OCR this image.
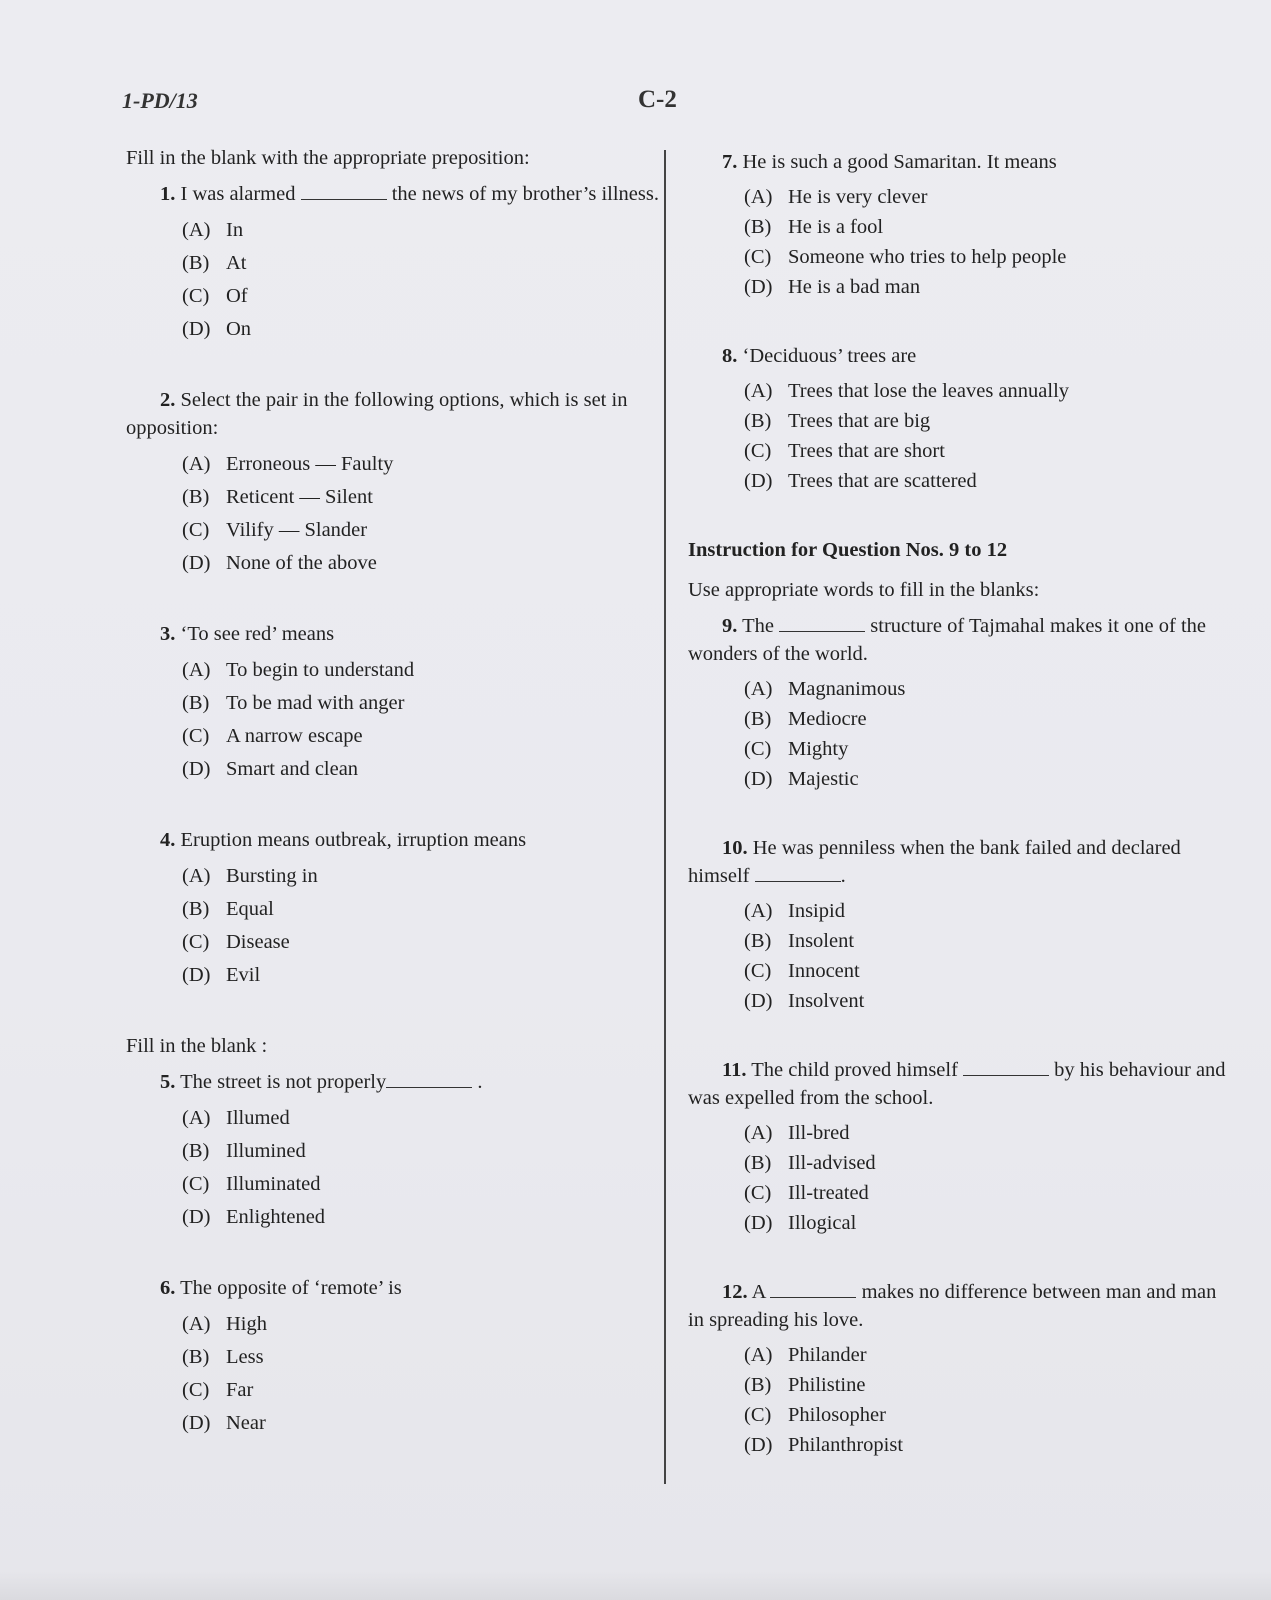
1-PD/13	C-2

Fill in the blank with the appropriate preposition:

1. I was alarmed	the news of my brother’s illness.

(A) In
(B) At
(C) Of
(D) On

2. Select the pair in the following options, which is set in opposition:

(A) Erroneous — Faulty
(B) Reticent — Silent
(C) Vilify — Slander
(D) None of the above

3. ‘To see red’ means

(A) To begin to understand
(B) To be mad with anger
(C) A narrow escape
(D) Smart and clean

4. Eruption means outbreak, irruption means

(A) Bursting in
(B) Equal
(C) Disease
(D) Evil

Fill in the blank :

5. The street is not properly	.

(A) Illumed
(B) Illumined
(C) Illuminated
(D) Enlightened

6. The opposite of ‘remote’ is

(A) High
(B) Less
(C) Far
(D) Near

7. He is such a good Samaritan. It means

(A) He is very clever
(B) He is a fool
(C) Someone who tries to help people
(D) He is a bad man

8. ‘Deciduous’ trees are

(A) Trees that lose the leaves annually
(B) Trees that are big
(C) Trees that are short
(D) Trees that are scattered

Instruction for Question Nos. 9 to 12

Use appropriate words to fill in the blanks:

9. The	structure of Tajmahal makes it one of the wonders of the world.

(A) Magnanimous
(B) Mediocre
(C) Mighty
(D) Majestic

10. He was penniless when the bank failed and declared himself	.

(A) Insipid
(B) Insolent
(C) Innocent
(D) Insolvent

11. The child proved himself	by his behaviour and was expelled from the school.

(A) Ill-bred
(B) Ill-advised
(C) Ill-treated
(D) Illogical

12. A	makes no difference between man and man in spreading his love.

(A) Philander
(B) Philistine
(C) Philosopher
(D) Philanthropist
